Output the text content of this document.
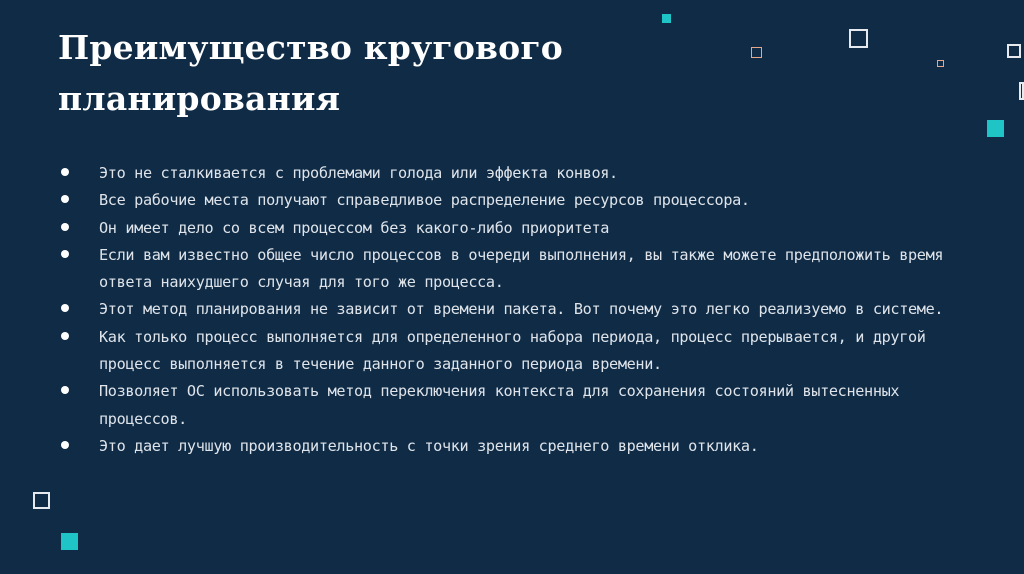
Преимущество кругового
планирования
Это не сталкивается с проблемами голода или эффекта конвоя.
Все рабочие места получают справедливое распределение ресурсов процессора.
Он имеет дело со всем процессом без какого-либо приоритета
Если вам известно общее число процессов в очереди выполнения, вы также можете предположить время ответа наихудшего случая для того же процесса.
Этот метод планирования не зависит от времени пакета. Вот почему это легко реализуемо в системе.
Как только процесс выполняется для определенного набора периода, процесс прерывается, и другой процесс выполняется в течение данного заданного периода времени.
Позволяет ОС использовать метод переключения контекста для сохранения состояний вытесненных процессов.
Это дает лучшую производительность с точки зрения среднего времени отклика.
